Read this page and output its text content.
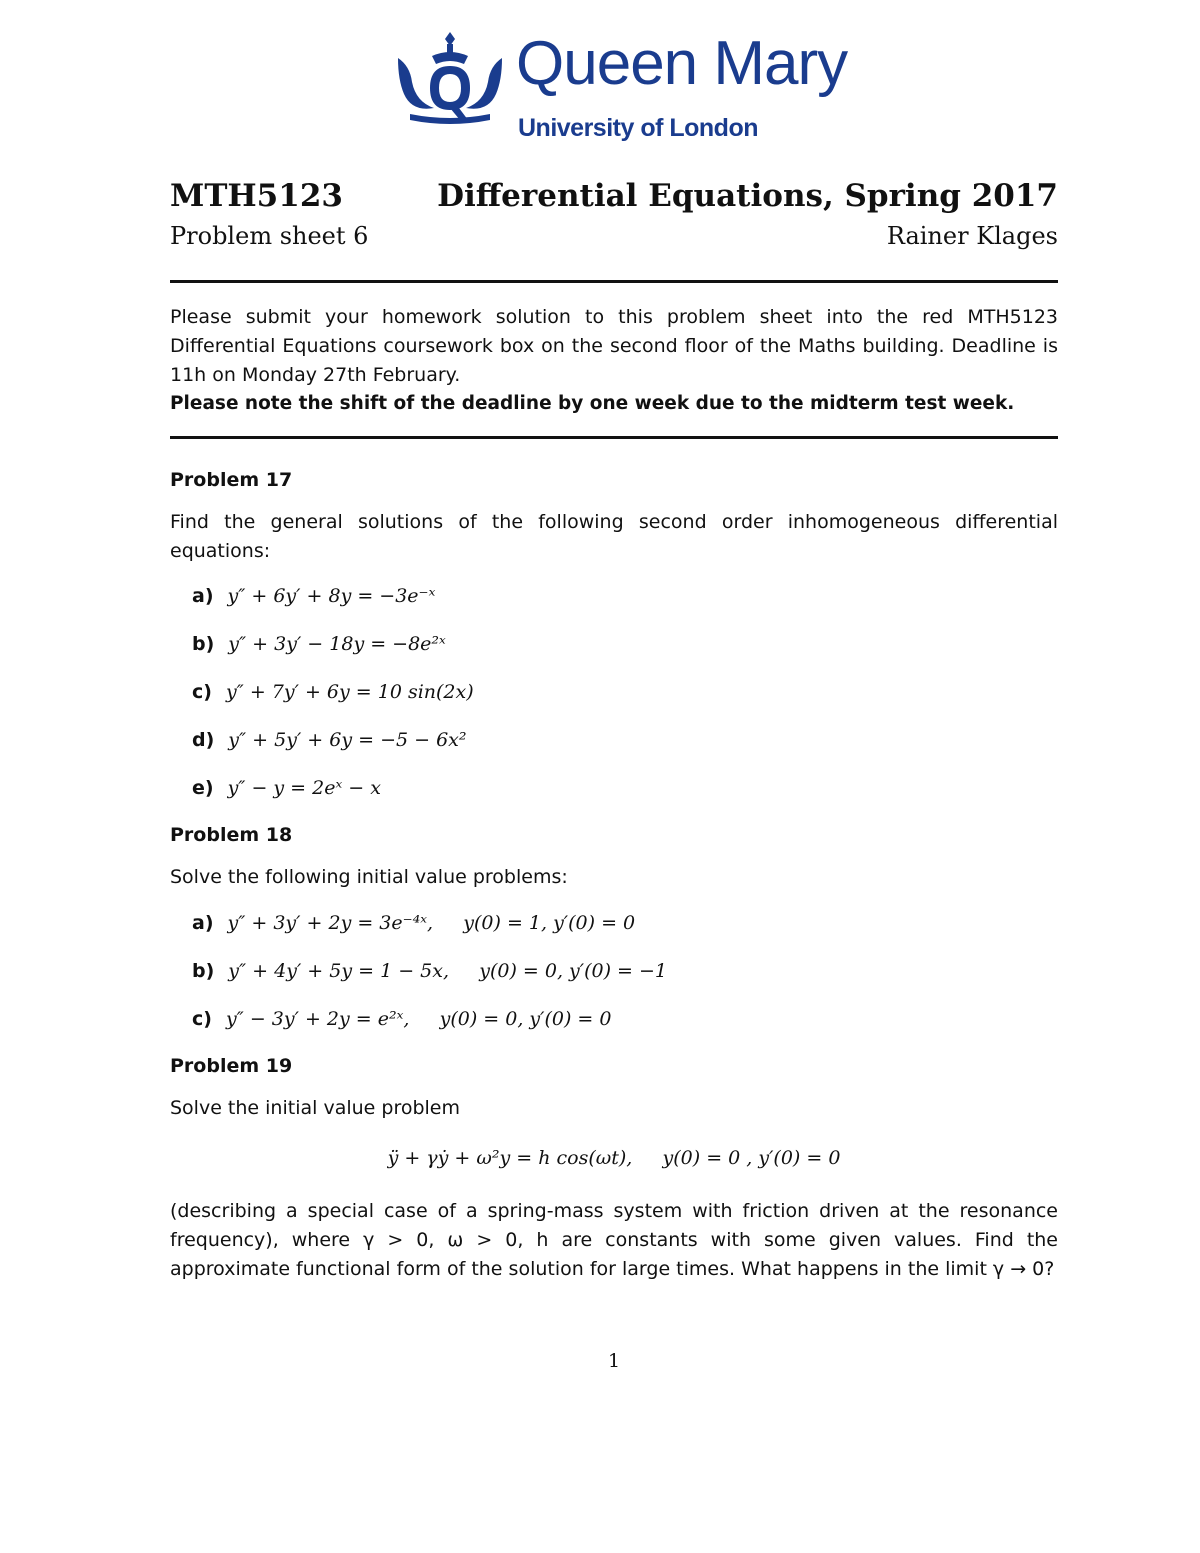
Queen Mary
University of London
MTH5123	Differential Equations, Spring 2017
Problem sheet 6	Rainer Klages
Please submit your homework solution to this problem sheet into the red MTH5123 Differential Equations coursework box on the second floor of the Maths building. Deadline is 11h on Monday 27th February.
Please note the shift of the deadline by one week due to the midterm test week.
Problem 17
Find the general solutions of the following second order inhomogeneous differential equations:
a) y″ + 6y′ + 8y = −3e⁻ˣ
b) y″ + 3y′ − 18y = −8e²ˣ
c) y″ + 7y′ + 6y = 10 sin(2x)
d) y″ + 5y′ + 6y = −5 − 6x²
e) y″ − y = 2eˣ − x
Problem 18
Solve the following initial value problems:
a) y″ + 3y′ + 2y = 3e⁻⁴ˣ,     y(0) = 1, y′(0) = 0
b) y″ + 4y′ + 5y = 1 − 5x,     y(0) = 0, y′(0) = −1
c) y″ − 3y′ + 2y = e²ˣ,     y(0) = 0, y′(0) = 0
Problem 19
Solve the initial value problem
ÿ + γẏ + ω²y = h cos(ωt),     y(0) = 0 , y′(0) = 0
(describing a special case of a spring-mass system with friction driven at the resonance frequency), where γ > 0, ω > 0, h are constants with some given values. Find the approximate functional form of the solution for large times. What happens in the limit γ → 0?
1
